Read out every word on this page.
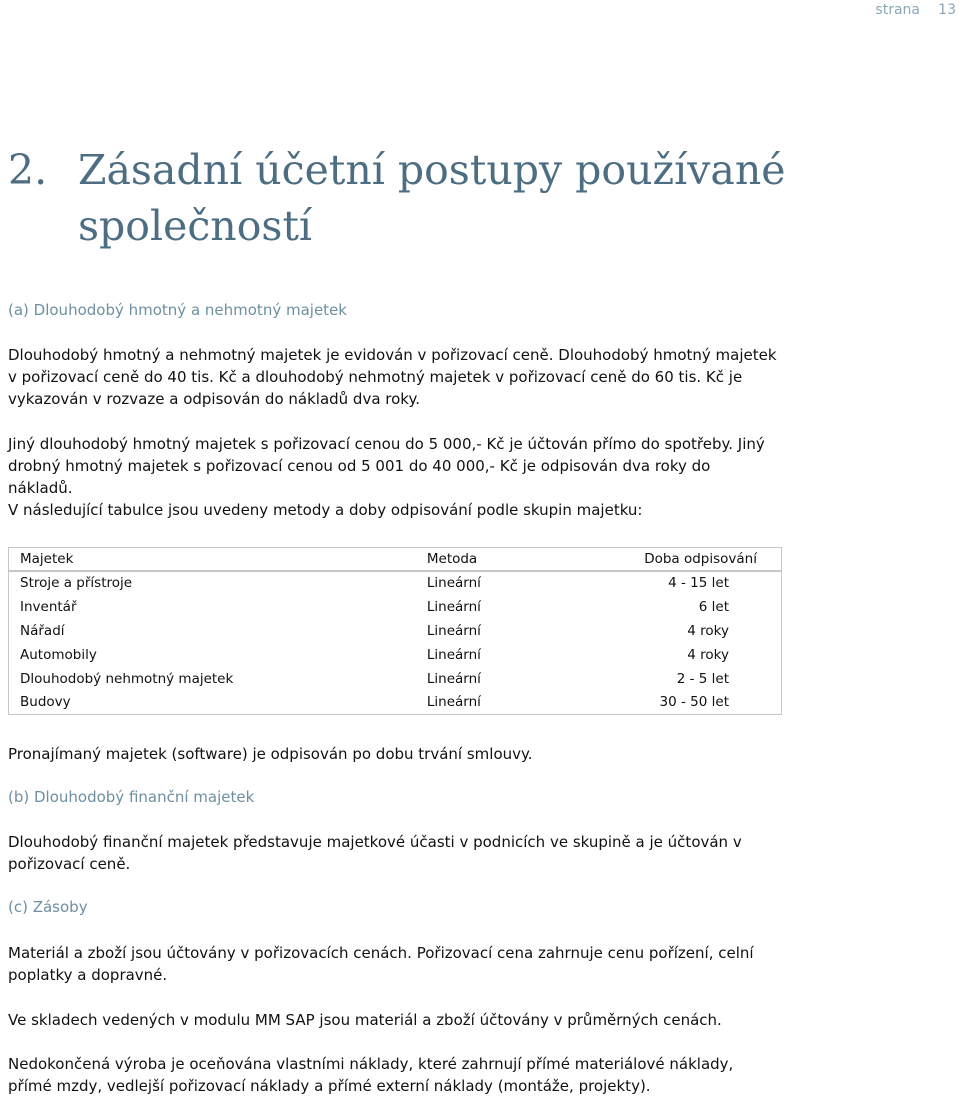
strana 13
2. Zásadní účetní postupy používané společností
(a) Dlouhodobý hmotný a nehmotný majetek

Dlouhodobý hmotný a nehmotný majetek je evidován v pořizovací ceně. Dlouhodobý hmotný majetek v pořizovací ceně do 40 tis. Kč a dlouhodobý nehmotný majetek v pořizovací ceně do 60 tis. Kč je vykazován v rozvaze a odpisován do nákladů dva roky.

Jiný dlouhodobý hmotný majetek s pořizovací cenou do 5 000,- Kč je účtován přímo do spotřeby. Jiný drobný hmotný majetek s pořizovací cenou od 5 001 do 40 000,- Kč je odpisován dva roky do nákladů.

V následující tabulce jsou uvedeny metody a doby odpisování podle skupin majetku:

Majetek	Metoda	Doba odpisování
Stroje a přístroje	Lineární	4 - 15 let
Inventář	Lineární	6 let
Nářadí	Lineární	4 roky
Automobily	Lineární	4 roky
Dlouhodobý nehmotný majetek	Lineární	2 - 5 let
Budovy	Lineární	30 - 50 let

Pronajímaný majetek (software) je odpisován po dobu trvání smlouvy.

(b) Dlouhodobý finanční majetek

Dlouhodobý finanční majetek představuje majetkové účasti v podnicích ve skupině a je účtován v pořizovací ceně.

(c) Zásoby

Materiál a zboží jsou účtovány v pořizovacích cenách. Pořizovací cena zahrnuje cenu pořízení, celní poplatky a dopravné.

Ve skladech vedených v modulu MM SAP jsou materiál a zboží účtovány v průměrných cenách.

Nedokončená výroba je oceňována vlastními náklady, které zahrnují přímé materiálové náklady, přímé mzdy, vedlejší pořizovací náklady a přímé externí náklady (montáže, projekty).
